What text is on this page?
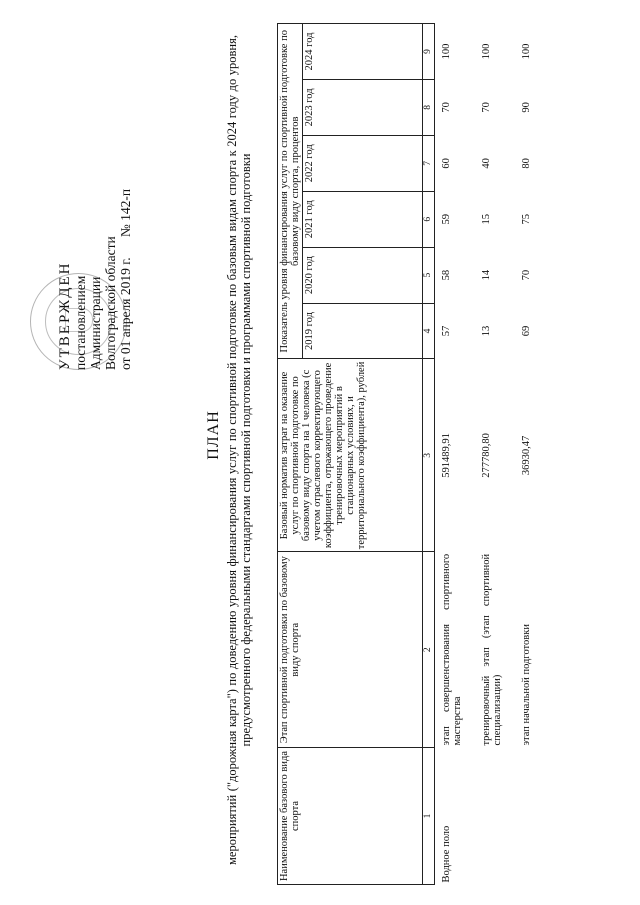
УТВЕРЖДЕН постановлением Администрации Волгоградской области от 01 апреля 2019 г.      № 142-п
ПЛАН мероприятий ("дорожная карта") по доведению уровня финансирования услуг по спортивной подготовке по базовым видам спорта к 2024 году до уровня, предусмотренного федеральными стандартами спортивной подготовки и программами спортивной подготовки
Наименование базового вида спорта	Этап спортивной подготовки по базовому виду спорта	Базовый норматив затрат на оказание услуг по спортивной подготовке по базовому виду спорта на 1 человека (с учетом отраслевого корректирующего коэффициента, отражающего проведение тренировочных мероприятий в стационарных условиях, и территориального коэффициента), рублей	Показатель уровня финансирования услуг по спортивной подготовке по базовому виду спорта, процентов					
			2019 год	2020 год	2021 год	2022 год	2023 год	2024 год
1	2	3	4	5	6	7	8	9
Водное поло	этап совершенствования спортивного мастерства	591489,91	57	58	59	60	70	100
	тренировочный этап (этап спортивной специализации)	277780,80	13	14	15	40	70	100
	этап начальной подготовки	36930,47	69	70	75	80	90	100
